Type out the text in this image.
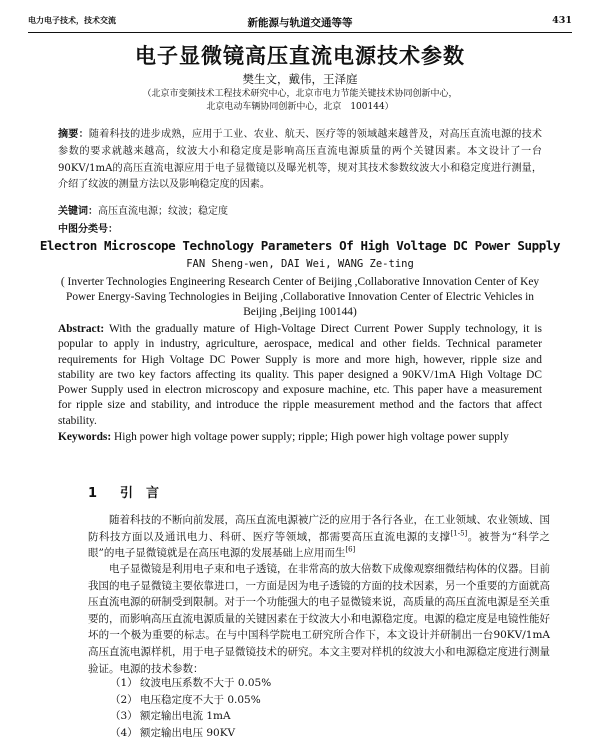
电力电子技术，技术交流	新能源与轨道交通等等	431
电子显微镜高压直流电源技术参数
樊生文，戴伟，王泽庭
（北京市变频技术工程技术研究中心，北京市电力节能关键技术协同创新中心，
北京电动车辆协同创新中心，北京　100144）

摘要：随着科技的进步成熟，应用于工业、农业、航天、医疗等的领域越来越普及，对高压直流电源的技术参数的要求就越来越高，纹波大小和稳定度是影响高压直流电源质量的两个关键因素。本文设计了一台90KV/1mA的高压直流电源应用于电子显微镜以及曝光机等，规对其技术参数纹波大小和稳定度进行测量，介绍了纹波的测量方法以及影响稳定度的因素。

关键词：高压直流电源；纹波；稳定度

中图分类号：

Electron Microscope Technology Parameters Of High Voltage DC Power Supply
FAN Sheng-wen, DAI Wei, WANG Ze-ting
( Inverter Technologies Engineering Research Center of Beijing ,Collaborative Innovation Center of Key Power Energy-Saving Technologies in Beijing ,Collaborative Innovation Center of Electric Vehicles in Beijing ,Beijing 100144)

Abstract: With the gradually mature of High-Voltage Direct Current Power Supply technology, it is popular to apply in industry, agriculture, aerospace, medical and other fields. Technical parameter requirements for High Voltage DC Power Supply is more and more high, however, ripple size and stability are two key factors affecting its quality. This paper designed a 90KV/1mA High Voltage DC Power Supply used in electron microscopy and exposure machine, etc. This paper have a measurement for ripple size and stability, and introduce the ripple measurement method and the factors that affect stability.

Keywords: High power high voltage power supply; ripple; High power high voltage power supply

1 引　言

随着科技的不断向前发展，高压直流电源被广泛的应用于各行各业，在工业领域、农业领域、国防科技方面以及通讯电力、科研、医疗等领域，都需要高压直流电源的支撑[1-5]。被誉为“科学之眼”的电子显微镜就是在高压电源的发展基础上应用而生[6]

电子显微镜是利用电子束和电子透镜，在非常高的放大倍数下成像观察细微结构体的仪器。目前我国的电子显微镜主要依靠进口，一方面是因为电子透镜的方面的技术因素，另一个重要的方面就高压直流电源的研制受到限制。对于一个功能强大的电子显微镜来说，高质量的高压直流电源是至关重要的，而影响高压直流电源质量的关键因素在于纹波大小和电源稳定度。电源的稳定度是电镜性能好坏的一个极为重要的标志。在与中国科学院电工研究所合作下，本文设计并研制出一台90KV/1mA高压直流电源样机，用于电子显微镜技术的研究。本文主要对样机的纹波大小和电源稳定度进行测量验证。电源的技术参数：

（1） 纹波电压系数不大于 0.05%
（2） 电压稳定度不大于 0.05%
（3） 额定输出电流 1mA
（4） 额定输出电压 90KV
